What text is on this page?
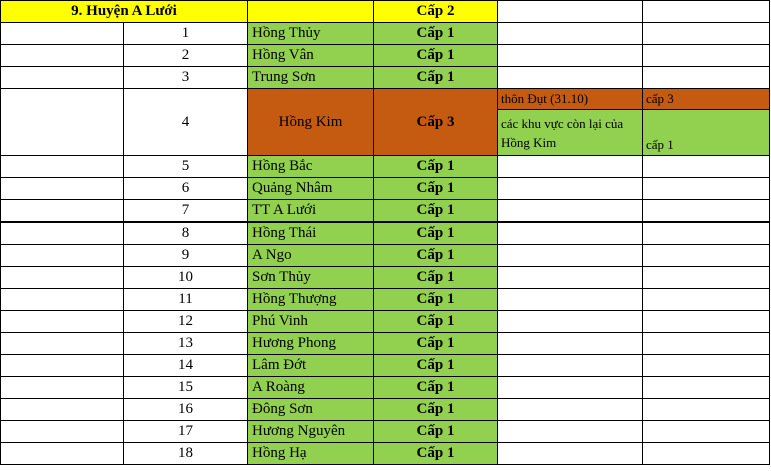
9. Huyện A Lưới			Cấp 2		
	1	Hồng Thủy	Cấp 1		
	2	Hồng Vân	Cấp 1		
	3	Trung Sơn	Cấp 1		
	4	Hồng Kim	Cấp 3	thôn Đụt (31.10)	cấp 3
				các khu vực còn lại của Hồng Kim	cấp 1
	5	Hồng Bắc	Cấp 1		
	6	Quảng Nhâm	Cấp 1		
	7	TT A Lưới	Cấp 1		
	8	Hồng Thái	Cấp 1		
	9	A Ngo	Cấp 1		
	10	Sơn Thủy	Cấp 1		
	11	Hồng Thượng	Cấp 1		
	12	Phú Vinh	Cấp 1		
	13	Hương Phong	Cấp 1		
	14	Lâm Đớt	Cấp 1		
	15	A Roàng	Cấp 1		
	16	Đông Sơn	Cấp 1		
	17	Hương Nguyên	Cấp 1		
	18	Hồng Hạ	Cấp 1		
